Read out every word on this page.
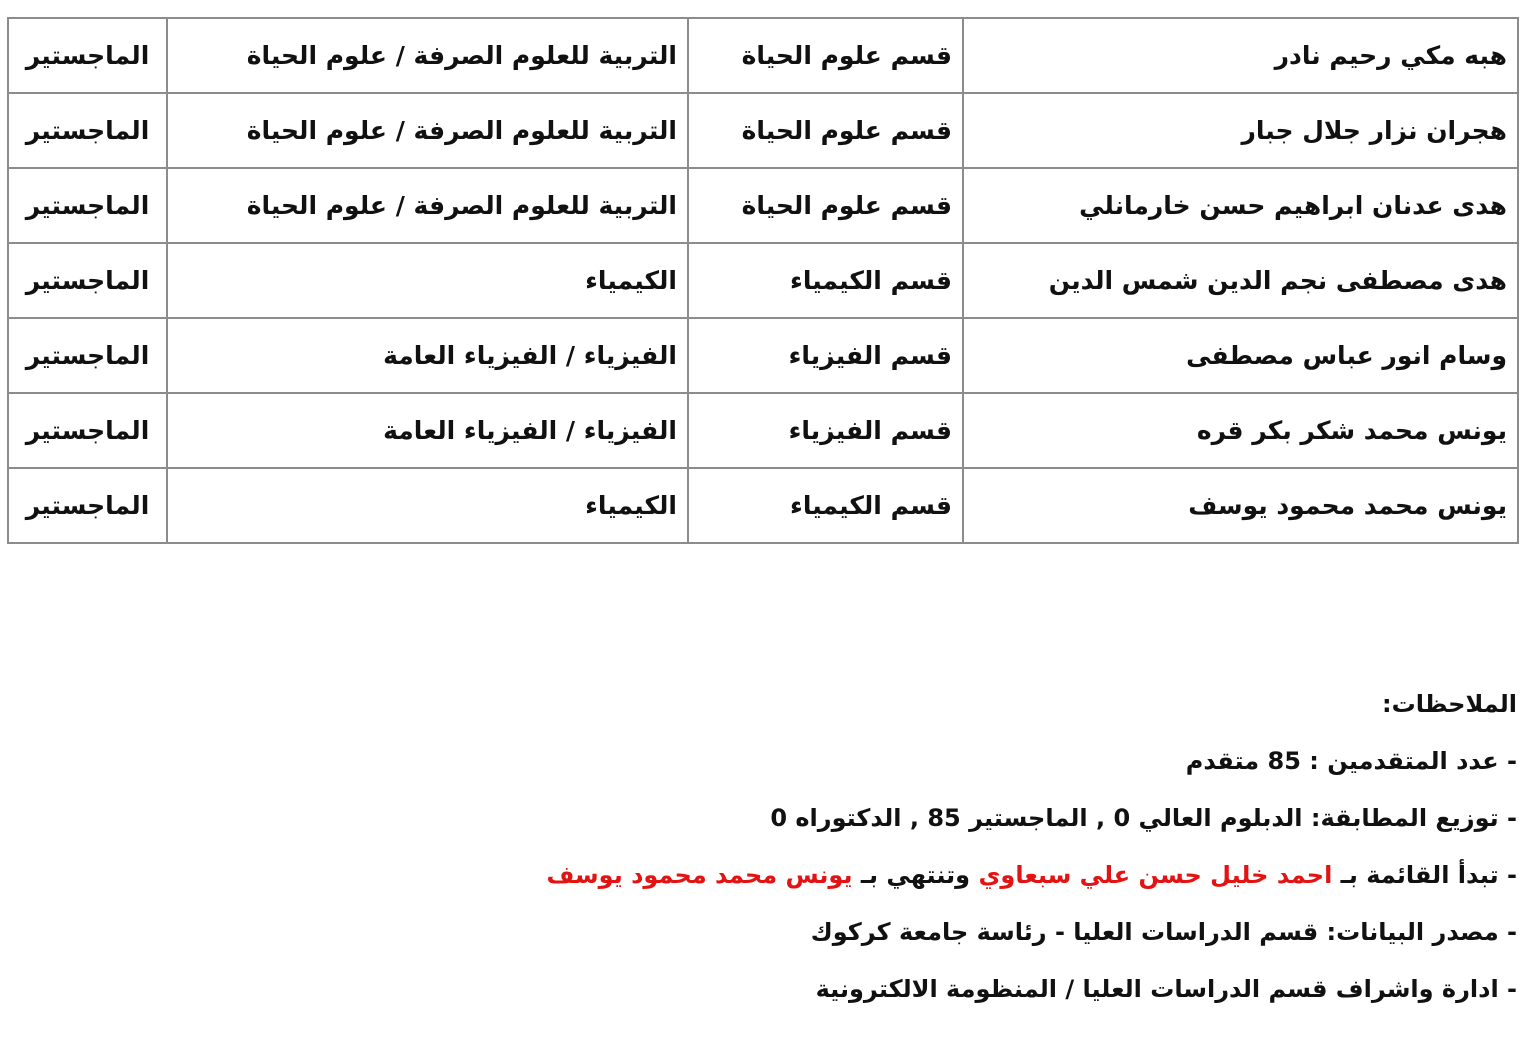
هبه مكي رحيم نادر	قسم علوم الحياة	التربية للعلوم الصرفة / علوم الحياة	الماجستير
هجران نزار جلال جبار	قسم علوم الحياة	التربية للعلوم الصرفة / علوم الحياة	الماجستير
هدى عدنان ابراهيم حسن خارمانلي	قسم علوم الحياة	التربية للعلوم الصرفة / علوم الحياة	الماجستير
هدى مصطفى نجم الدين شمس الدين	قسم الكيمياء	الكيمياء	الماجستير
وسام انور عباس مصطفى	قسم الفيزياء	الفيزياء / الفيزياء العامة	الماجستير
يونس محمد شكر بكر قره	قسم الفيزياء	الفيزياء / الفيزياء العامة	الماجستير
يونس محمد محمود يوسف	قسم الكيمياء	الكيمياء	الماجستير
الملاحظات:
- عدد المتقدمين : 85 متقدم
- توزيع المطابقة: الدبلوم العالي 0 , الماجستير 85 , الدكتوراه 0
- تبدأ القائمة بـ احمد خليل حسن علي سبعاوي وتنتهي بـ يونس محمد محمود يوسف
- مصدر البيانات: قسم الدراسات العليا - رئاسة جامعة كركوك
- ادارة واشراف قسم الدراسات العليا / المنظومة الالكترونية
